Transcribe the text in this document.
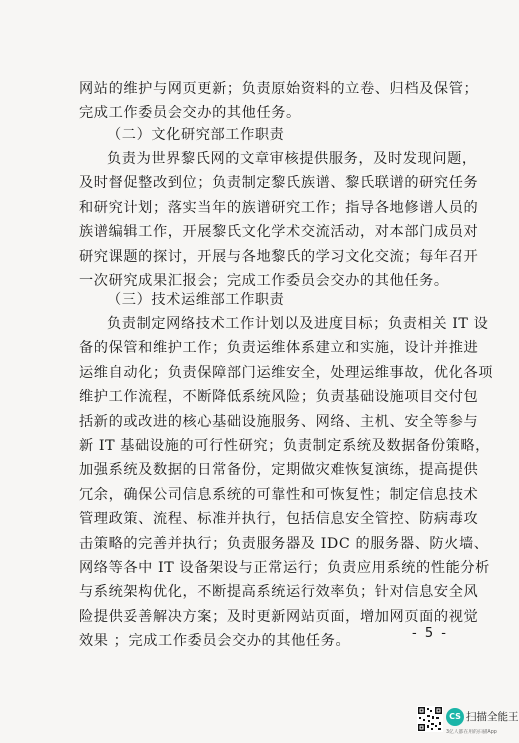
网站的维护与网页更新；负责原始资料的立卷、归档及保管；
完成工作委员会交办的其他任务。
（二）文化研究部工作职责
负责为世界黎氏网的文章审核提供服务，及时发现问题，
及时督促整改到位；负责制定黎氏族谱、黎氏联谱的研究任务
和研究计划；落实当年的族谱研究工作；指导各地修谱人员的
族谱编辑工作，开展黎氏文化学术交流活动，对本部门成员对
研究课题的探讨，开展与各地黎氏的学习文化交流；每年召开
一次研究成果汇报会；完成工作委员会交办的其他任务。
（三）技术运维部工作职责
负责制定网络技术工作计划以及进度目标；负责相关 IT 设
备的保管和维护工作；负责运维体系建立和实施，设计并推进
运维自动化；负责保障部门运维安全，处理运维事故，优化各项
维护工作流程，不断降低系统风险；负责基础设施项目交付包
括新的或改进的核心基础设施服务、网络、主机、安全等参与
新 IT 基础设施的可行性研究；负责制定系统及数据备份策略，
加强系统及数据的日常备份，定期做灾难恢复演练，提高提供
冗余，确保公司信息系统的可靠性和可恢复性；制定信息技术
管理政策、流程、标准并执行，包括信息安全管控、防病毒攻
击策略的完善并执行；负责服务器及 IDC 的服务器、防火墙、
网络等各中 IT 设备架设与正常运行；负责应用系统的性能分析
与系统架构优化，不断提高系统运行效率负；针对信息安全风
险提供妥善解决方案；及时更新网站页面，增加网页面的视觉
效果 ；完成工作委员会交办的其他任务。	- 5 -
CS 扫描全能王
3亿人都在用的扫描App
